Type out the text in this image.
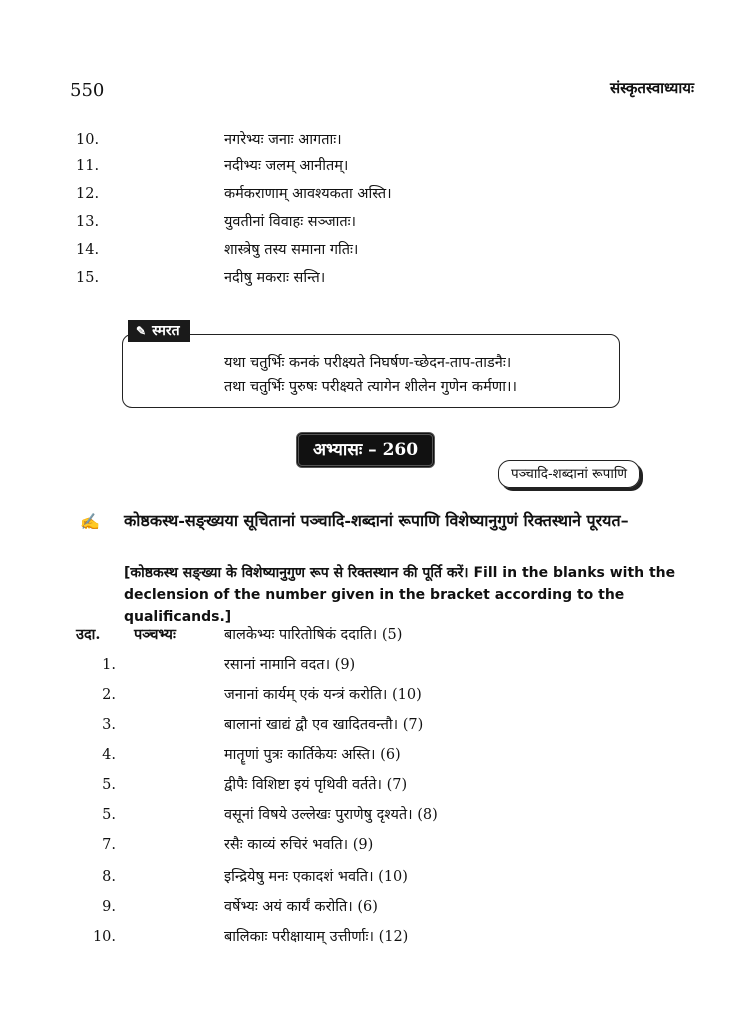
550	संस्कृतस्वाध्यायः
10.	नगरेभ्यः जनाः आगताः।
11.	नदीभ्यः जलम् आनीतम्।
12.	कर्मकराणाम् आवश्यकता अस्ति।
13.	युवतीनां विवाहः सञ्जातः।
14.	शास्त्रेषु तस्य समाना गतिः।
15.	नदीषु मकराः सन्ति।
✎ स्मरत
यथा चतुर्भिः कनकं परीक्ष्यते निघर्षण-च्छेदन-ताप-ताडनैः।
तथा चतुर्भिः पुरुषः परीक्ष्यते त्यागेन शीलेन गुणेन कर्मणा।।
अभ्यासः – 260
पञ्चादि-शब्दानां रूपाणि
✍ कोष्ठकस्थ-सङ्ख्यया सूचितानां पञ्चादि-शब्दानां रूपाणि विशेष्यानुगुणं रिक्तस्थाने पूरयत–
[कोष्ठकस्थ सङ्ख्या के विशेष्यानुगुण रूप से रिक्तस्थान की पूर्ति करें। Fill in the blanks with the declension of the number given in the bracket according to the qualificands.]
उदा.	पञ्चभ्यः	बालकेभ्यः पारितोषिकं ददाति। (5)
1.	रसानां नामानि वदत। (9)
2.	जनानां कार्यम् एकं यन्त्रं करोति। (10)
3.	बालानां खाद्यं द्वौ एव खादितवन्तौ। (7)
4.	मातॄणां पुत्रः कार्तिकेयः अस्ति। (6)
5.	द्वीपैः विशिष्टा इयं पृथिवी वर्तते। (7)
5.	वसूनां विषये उल्लेखः पुराणेषु दृश्यते। (8)
7.	रसैः काव्यं रुचिरं भवति। (9)
8.	इन्द्रियेषु मनः एकादशं भवति। (10)
9.	वर्षेभ्यः अयं कार्यं करोति। (6)
10.	बालिकाः परीक्षायाम् उत्तीर्णाः। (12)
